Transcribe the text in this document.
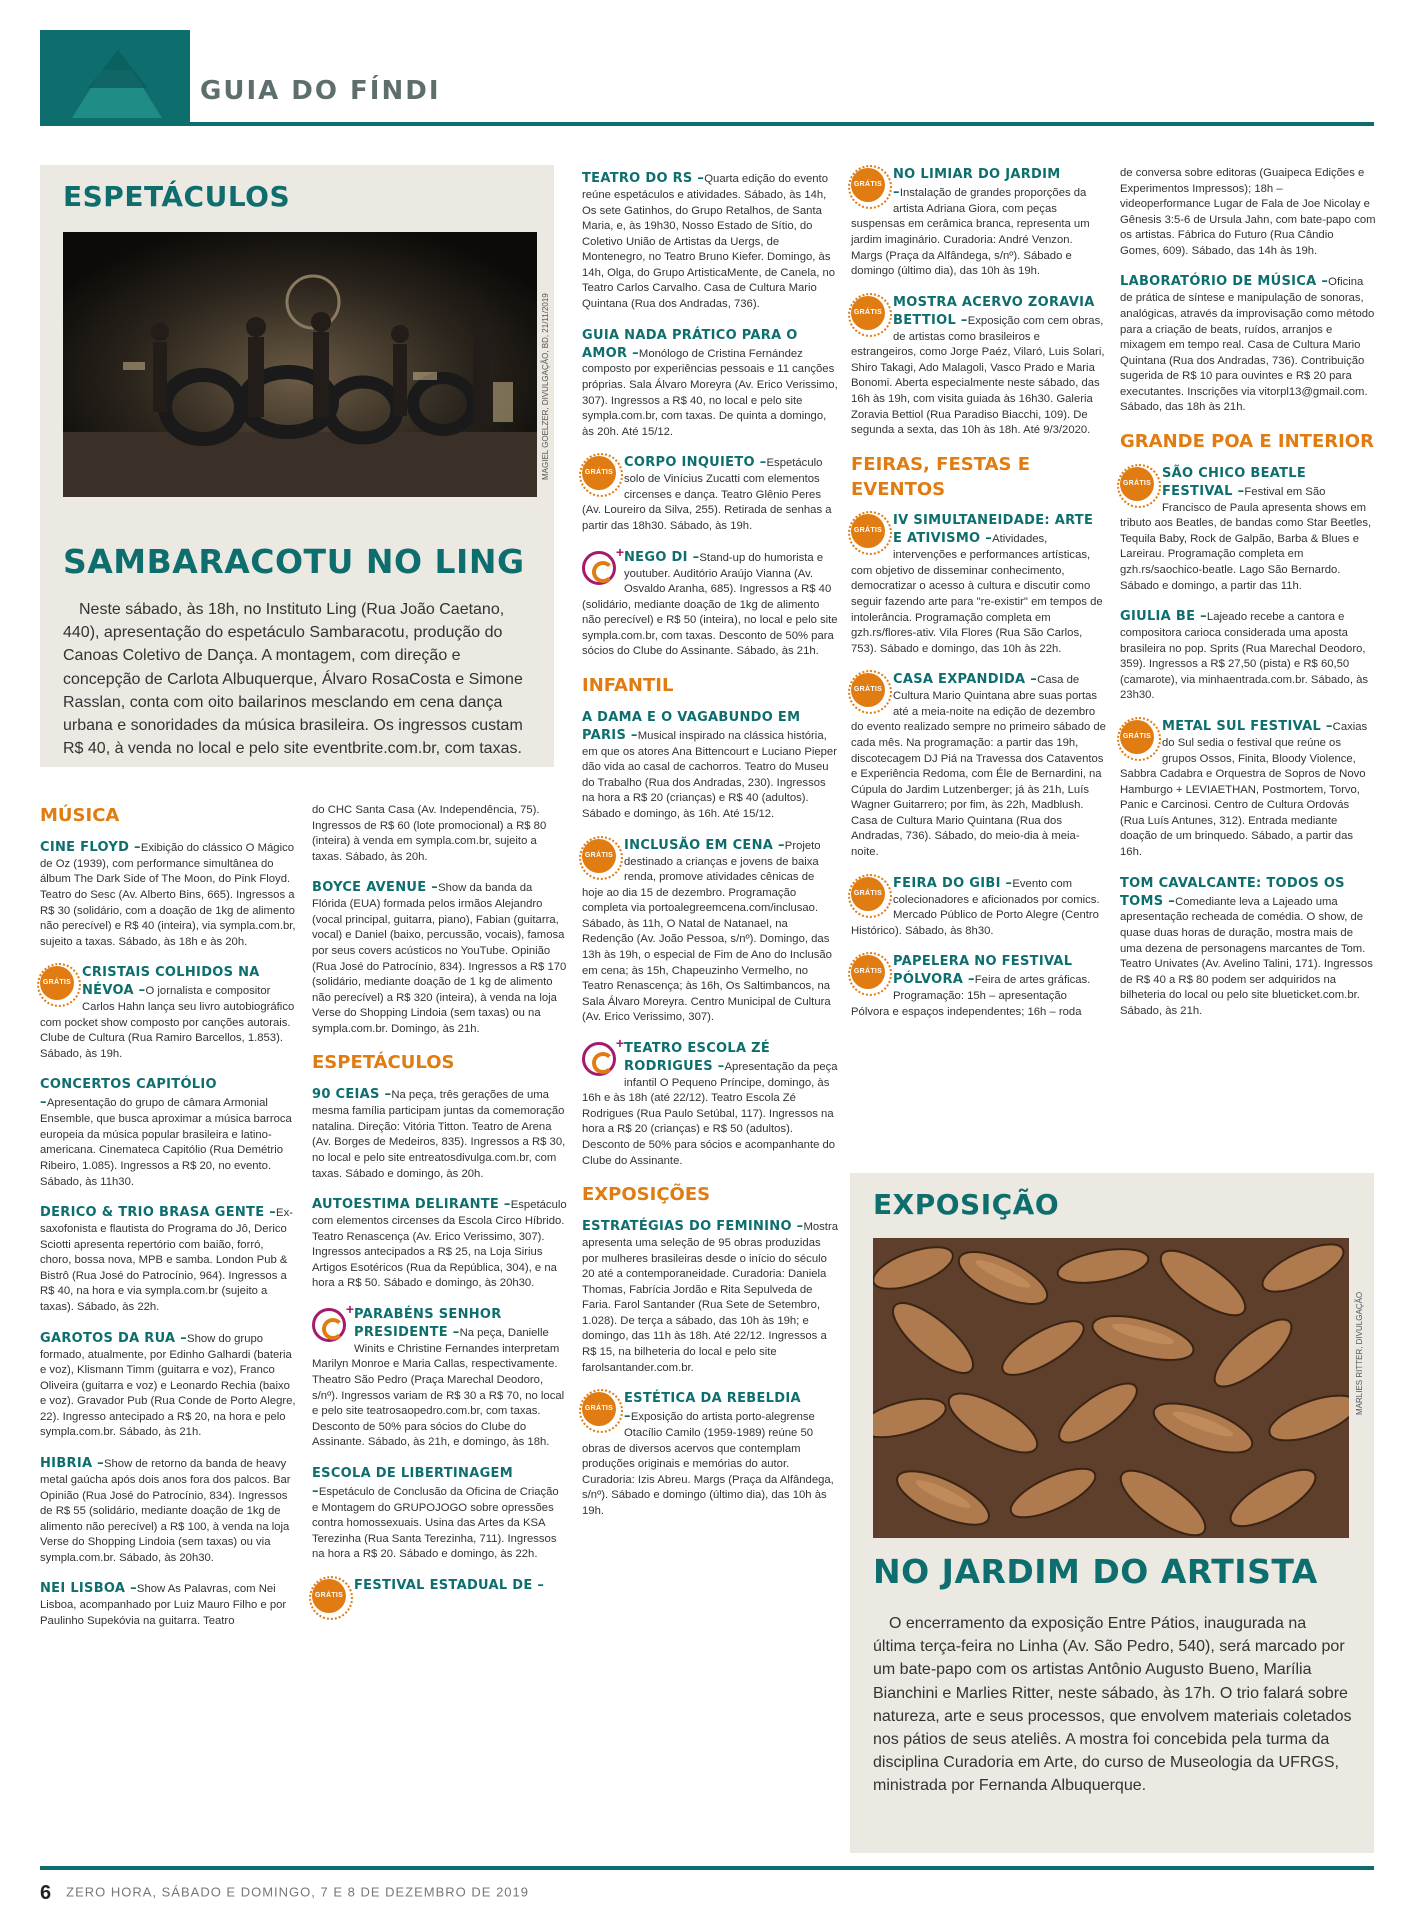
GUIA DO FÍNDI
ESPETÁCULOS
MAGIEL GOELZER, DIVULGAÇÃO, BD, 21/11/2019
SAMBARACOTU NO LING
Neste sábado, às 18h, no Instituto Ling (Rua João Caetano, 440), apresentação do espetáculo Sambaracotu, produção do Canoas Coletivo de Dança. A montagem, com direção e concepção de Carlota Albuquerque, Álvaro RosaCosta e Simone Rasslan, conta com oito bailarinos mesclando em cena dança urbana e sonoridades da música brasileira. Os ingressos custam R$ 40, à venda no local e pelo site eventbrite.com.br, com taxas.
EXPOSIÇÃO
MARLIES RITTER, DIVULGAÇÃO
NO JARDIM DO ARTISTA
O encerramento da exposição Entre Pátios, inaugurada na última terça-feira no Linha (Av. São Pedro, 540), será marcado por um bate-papo com os artistas Antônio Augusto Bueno, Marília Bianchini e Marlies Ritter, neste sábado, às 17h. O trio falará sobre natureza, arte e seus processos, que envolvem materiais coletados nos pátios de seus ateliês. A mostra foi concebida pela turma da disciplina Curadoria em Arte, do curso de Museologia da UFRGS, ministrada por Fernanda Albuquerque.
MÚSICA
CINE FLOYD – Exibição do clássico O Mágico de Oz (1939), com performance simultânea do álbum The Dark Side of The Moon, do Pink Floyd. Teatro do Sesc (Av. Alberto Bins, 665). Ingressos a R$ 30 (solidário, com a doação de 1kg de alimento não perecível) e R$ 40 (inteira), via sympla.com.br, sujeito a taxas. Sábado, às 18h e às 20h.

GRÁTIS
CRISTAIS COLHIDOS NA NÉVOA – O jornalista e compositor Carlos Hahn lança seu livro autobiográfico com pocket show composto por canções autorais. Clube de Cultura (Rua Ramiro Barcellos, 1.853). Sábado, às 19h.

CONCERTOS CAPITÓLIO –

Apresentação do grupo de câmara Armonial Ensemble, que busca aproximar a música barroca europeia da música popular brasileira e latino-americana. Cinemateca Capitólio (Rua Demétrio Ribeiro, 1.085). Ingressos a R$ 20, no evento. Sábado, às 11h30.

DERICO & TRIO BRASA GENTE – Ex-saxofonista e flautista do Programa do Jô, Derico Sciotti apresenta repertório com baião, forró, choro, bossa nova, MPB e samba. London Pub & Bistrô (Rua José do Patrocínio, 964). Ingressos a R$ 40, na hora e via sympla.com.br (sujeito a taxas). Sábado, às 22h.

GAROTOS DA RUA – Show do grupo formado, atualmente, por Edinho Galhardi (bateria e voz), Klismann Timm (guitarra e voz), Franco Oliveira (guitarra e voz) e Leonardo Rechia (baixo e voz). Gravador Pub (Rua Conde de Porto Alegre, 22). Ingresso antecipado a R$ 20, na hora e pelo sympla.com.br. Sábado, às 21h.

HIBRIA – Show de retorno da banda de heavy metal gaúcha após dois anos fora dos palcos. Bar Opinião (Rua José do Patrocínio, 834). Ingressos de R$ 55 (solidário, mediante doação de 1kg de alimento não perecível) a R$ 100, à venda na loja Verse do Shopping Lindoia (sem taxas) ou via sympla.com.br. Sábado, às 20h30.

NEI LISBOA – Show As Palavras, com Nei Lisboa, acompanhado por Luiz Mauro Filho e por Paulinho Supekóvia na guitarra. Teatro

do CHC Santa Casa (Av. Independência, 75). Ingressos de R$ 60 (lote promocional) a R$ 80 (inteira) à venda em sympla.com.br, sujeito a taxas. Sábado, às 20h.

BOYCE AVENUE – Show da banda da Flórida (EUA) formada pelos irmãos Alejandro (vocal principal, guitarra, piano), Fabian (guitarra, vocal) e Daniel (baixo, percussão, vocais), famosa por seus covers acústicos no YouTube. Opinião (Rua José do Patrocínio, 834). Ingressos a R$ 170 (solidário, mediante doação de 1 kg de alimento não perecível) a R$ 320 (inteira), à venda na loja Verse do Shopping Lindoia (sem taxas) ou na sympla.com.br. Domingo, às 21h.

ESPETÁCULOS
90 CEIAS – Na peça, três gerações de uma mesma família participam juntas da comemoração natalina. Direção: Vitória Titton. Teatro de Arena (Av. Borges de Medeiros, 835). Ingressos a R$ 30, no local e pelo site entreatosdivulga.com.br, com taxas. Sábado e domingo, às 20h.

AUTOESTIMA DELIRANTE – Espetáculo com elementos circenses da Escola Circo Híbrido. Teatro Renascença (Av. Erico Verissimo, 307). Ingressos antecipados a R$ 25, na Loja Sirius Artigos Esotéricos (Rua da República, 304), e na hora a R$ 50. Sábado e domingo, às 20h30.

+ PARABÉNS SENHOR PRESIDENTE – Na peça, Danielle Winits e Christine Fernandes interpretam Marilyn Monroe e Maria Callas, respectivamente. Theatro São Pedro (Praça Marechal Deodoro, s/nº). Ingressos variam de R$ 30 a R$ 70, no local e pelo site teatrosaopedro.com.br, com taxas. Desconto de 50% para sócios do Clube do Assinante. Sábado, às 21h, e domingo, às 18h.

ESCOLA DE LIBERTINAGEM –

Espetáculo de Conclusão da Oficina de Criação e Montagem do GRUPOJOGO sobre opressões contra homossexuais. Usina das Artes da KSA Terezinha (Rua Santa Terezinha, 711). Ingressos na hora a R$ 20. Sábado e domingo, às 22h.

GRÁTIS
FESTIVAL ESTADUAL DE –
TEATRO DO RS – Quarta edição do evento reúne espetáculos e atividades. Sábado, às 14h, Os sete Gatinhos, do Grupo Retalhos, de Santa Maria, e, às 19h30, Nosso Estado de Sítio, do Coletivo União de Artistas da Uergs, de Montenegro, no Teatro Bruno Kiefer. Domingo, às 14h, Olga, do Grupo ArtisticaMente, de Canela, no Teatro Carlos Carvalho. Casa de Cultura Mario Quintana (Rua dos Andradas, 736).

GUIA NADA PRÁTICO PARA O AMOR – Monólogo de Cristina Fernández composto por experiências pessoais e 11 canções próprias. Sala Álvaro Moreyra (Av. Erico Verissimo, 307). Ingressos a R$ 40, no local e pelo site sympla.com.br, com taxas. De quinta a domingo, às 20h. Até 15/12.

GRÁTIS
CORPO INQUIETO – Espetáculo solo de Vinícius Zucatti com elementos circenses e dança. Teatro Glênio Peres (Av. Loureiro da Silva, 255). Retirada de senhas a partir das 18h30. Sábado, às 19h.

+ NEGO DI – Stand-up do humorista e youtuber. Auditório Araújo Vianna (Av. Osvaldo Aranha, 685). Ingressos a R$ 40 (solidário, mediante doação de 1kg de alimento não perecível) e R$ 50 (inteira), no local e pelo site sympla.com.br, com taxas. Desconto de 50% para sócios do Clube do Assinante. Sábado, às 21h.

INFANTIL
A DAMA E O VAGABUNDO EM PARIS – Musical inspirado na clássica história, em que os atores Ana Bittencourt e Luciano Pieper dão vida ao casal de cachorros. Teatro do Museu do Trabalho (Rua dos Andradas, 230). Ingressos na hora a R$ 20 (crianças) e R$ 40 (adultos). Sábado e domingo, às 16h. Até 15/12.

GRÁTIS
INCLUSÃO EM CENA – Projeto destinado a crianças e jovens de baixa renda, promove atividades cênicas de hoje ao dia 15 de dezembro. Programação completa via portoalegreemcena.com/inclusao. Sábado, às 11h, O Natal de Natanael, na Redenção (Av. João Pessoa, s/nº). Domingo, das 13h às 19h, o especial de Fim de Ano do Inclusão em cena; às 15h, Chapeuzinho Vermelho, no Teatro Renascença; às 16h, Os Saltimbancos, na Sala Álvaro Moreyra. Centro Municipal de Cultura (Av. Erico Verissimo, 307).

+ TEATRO ESCOLA ZÉ RODRIGUES – Apresentação da peça infantil O Pequeno Príncipe, domingo, às 16h e às 18h (até 22/12). Teatro Escola Zé Rodrigues (Rua Paulo Setúbal, 117). Ingressos na hora a R$ 20 (crianças) e R$ 50 (adultos). Desconto de 50% para sócios e acompanhante do Clube do Assinante.

EXPOSIÇÕES
ESTRATÉGIAS DO FEMININO – Mostra apresenta uma seleção de 95 obras produzidas por mulheres brasileiras desde o início do século 20 até a contemporaneidade. Curadoria: Daniela Thomas, Fabrícia Jordão e Rita Sepulveda de Faria. Farol Santander (Rua Sete de Setembro, 1.028). De terça a sábado, das 10h às 19h; e domingo, das 11h às 18h. Até 22/12. Ingressos a R$ 15, na bilheteria do local e pelo site farolsantander.com.br.

GRÁTIS
ESTÉTICA DA REBELDIA –

Exposição do artista porto-alegrense Otacílio Camilo (1959-1989) reúne 50 obras de diversos acervos que contemplam produções originais e memórias do autor. Curadoria: Izis Abreu. Margs (Praça da Alfândega, s/nº). Sábado e domingo (último dia), das 10h às 19h.

GRÁTIS
NO LIMIAR DO JARDIM –

Instalação de grandes proporções da artista Adriana Giora, com peças suspensas em cerâmica branca, representa um jardim imaginário. Curadoria: André Venzon. Margs (Praça da Alfândega, s/nº). Sábado e domingo (último dia), das 10h às 19h.

GRÁTIS
MOSTRA ACERVO ZORAVIA BETTIOL – Exposição com cem obras, de artistas como brasileiros e estrangeiros, como Jorge Paéz, Vilaró, Luis Solari, Shiro Takagi, Ado Malagoli, Vasco Prado e Maria Bonomi. Aberta especialmente neste sábado, das 16h às 19h, com visita guiada às 16h30. Galeria Zoravia Bettiol (Rua Paradiso Biacchi, 109). De segunda a sexta, das 10h às 18h. Até 9/3/2020.

FEIRAS, FESTAS E EVENTOS
GRÁTIS
IV SIMULTANEIDADE: ARTE E ATIVISMO – Atividades, intervenções e performances artísticas, com objetivo de disseminar conhecimento, democratizar o acesso à cultura e discutir como seguir fazendo arte para "re-existir" em tempos de intolerância. Programação completa em gzh.rs/flores-ativ. Vila Flores (Rua São Carlos, 753). Sábado e domingo, das 10h às 22h.

GRÁTIS
CASA EXPANDIDA – Casa de Cultura Mario Quintana abre suas portas até a meia-noite na edição de dezembro do evento realizado sempre no primeiro sábado de cada mês. Na programação: a partir das 19h, discotecagem DJ Piá na Travessa dos Cataventos e Experiência Redoma, com Éle de Bernardini, na Cúpula do Jardim Lutzenberger; já às 21h, Luís Wagner Guitarrero; por fim, às 22h, Madblush. Casa de Cultura Mario Quintana (Rua dos Andradas, 736). Sábado, do meio-dia à meia-noite.

GRÁTIS
FEIRA DO GIBI – Evento com colecionadores e aficionados por comics. Mercado Público de Porto Alegre (Centro Histórico). Sábado, às 8h30.

GRÁTIS
PAPELERA NO FESTIVAL PÓLVORA – Feira de artes gráficas. Programação: 15h – apresentação Pólvora e espaços independentes; 16h – roda

de conversa sobre editoras (Guaipeca Edições e Experimentos Impressos); 18h – videoperformance Lugar de Fala de Joe Nicolay e Gênesis 3:5-6 de Ursula Jahn, com bate-papo com os artistas. Fábrica do Futuro (Rua Cândio Gomes, 609). Sábado, das 14h às 19h.

LABORATÓRIO DE MÚSICA – Oficina de prática de síntese e manipulação de sonoras, analógicas, através da improvisação como método para a criação de beats, ruídos, arranjos e mixagem em tempo real. Casa de Cultura Mario Quintana (Rua dos Andradas, 736). Contribuição sugerida de R$ 10 para ouvintes e R$ 20 para executantes. Inscrições via vitorpl13@gmail.com. Sábado, das 18h às 21h.

GRANDE POA E INTERIOR
GRÁTIS
SÃO CHICO BEATLE FESTIVAL – Festival em São Francisco de Paula apresenta shows em tributo aos Beatles, de bandas como Star Beetles, Tequila Baby, Rock de Galpão, Barba & Blues e Lareirau. Programação completa em gzh.rs/saochico-beatle. Lago São Bernardo. Sábado e domingo, a partir das 11h.

GIULIA BE – Lajeado recebe a cantora e compositora carioca considerada uma aposta brasileira no pop. Sprits (Rua Marechal Deodoro, 359). Ingressos a R$ 27,50 (pista) e R$ 60,50 (camarote), via minhaentrada.com.br. Sábado, às 23h30.

GRÁTIS
METAL SUL FESTIVAL – Caxias do Sul sedia o festival que reúne os grupos Ossos, Finita, Bloody Violence, Sabbra Cadabra e Orquestra de Sopros de Novo Hamburgo + LEVIAETHAN, Postmortem, Torvo, Panic e Carcinosi. Centro de Cultura Ordovás (Rua Luís Antunes, 312). Entrada mediante doação de um brinquedo. Sábado, a partir das 16h.

TOM CAVALCANTE: TODOS OS TOMS – Comediante leva a Lajeado uma apresentação recheada de comédia. O show, de quase duas horas de duração, mostra mais de uma dezena de personagens marcantes de Tom. Teatro Univates (Av. Avelino Talini, 171). Ingressos de R$ 40 a R$ 80 podem ser adquiridos na bilheteria do local ou pelo site blueticket.com.br. Sábado, às 21h.

6 ZERO HORA, SÁBADO E DOMINGO, 7 E 8 DE DEZEMBRO DE 2019
